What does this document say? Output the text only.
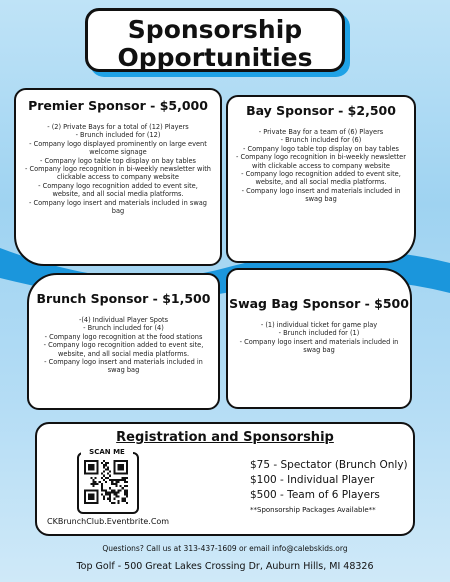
Sponsorship
Opportunities
Premier Sponsor - $5,000
- (2) Private Bays for a total of (12) Players
- Brunch included for (12)
- Company logo displayed prominently on large event welcome signage
- Company logo table top display on bay tables
- Company logo recognition in bi-weekly newsletter with clickable access to company website
- Company logo recognition added to event site, website, and all social media platforms.
- Company logo insert and materials included in swag bag
Bay Sponsor - $2,500
- Private Bay for a team of (6) Players
- Brunch included for (6)
- Company logo table top display on bay tables
- Company logo recognition in bi-weekly newsletter with clickable access to company website
- Company logo recognition added to event site, website, and all social media platforms.
- Company logo insert and materials included in swag bag
Brunch Sponsor - $1,500
-(4) Individual Player Spots
- Brunch included for (4)
- Company logo recognition at the food stations
- Company logo recognition added to event site, website, and all social media platforms.
- Company logo insert and materials included in swag bag
Swag Bag Sponsor - $500
- (1) individual ticket for game play
- Brunch included for (1)
- Company logo insert and materials included in swag bag
Registration and Sponsorship
SCAN ME
CKBrunchClub.Eventbrite.Com
$75 - Spectator (Brunch Only)
$100 - Individual Player
$500 - Team of 6 Players
**Sponsorship Packages Available**
Questions? Call us at 313-437-1609 or email info@calebskids.org
Top Golf - 500 Great Lakes Crossing Dr, Auburn Hills, MI 48326
